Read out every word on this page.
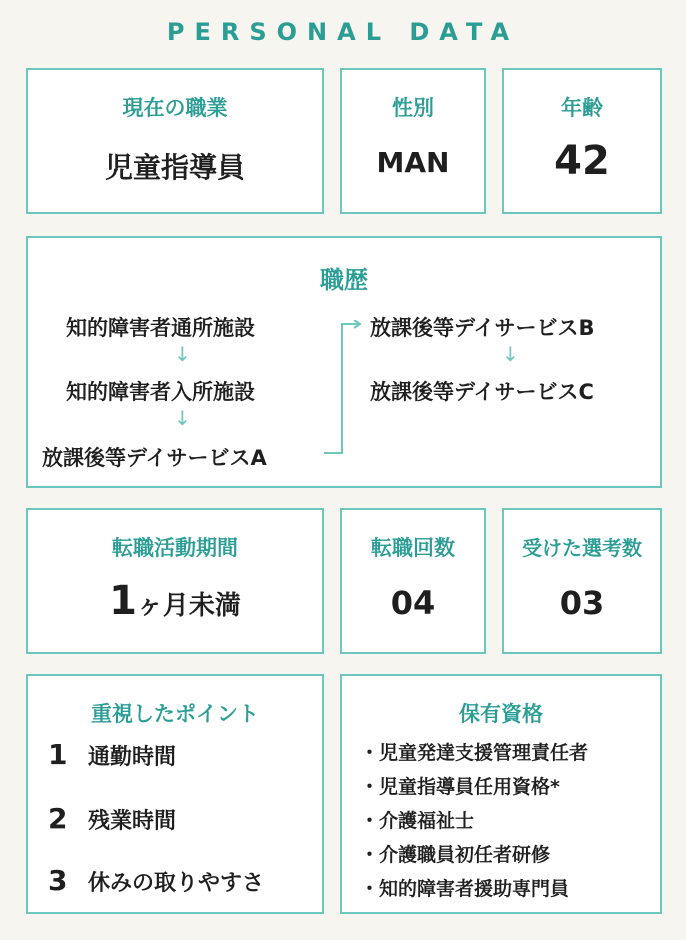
PERSONAL DATA
現在の職業
児童指導員
性別
MAN
年齢
42
職歴
知的障害者通所施設
↓
知的障害者入所施設
↓
放課後等デイサービスA
放課後等デイサービスB
↓
放課後等デイサービスC
転職活動期間
1ヶ月未満
転職回数
04
受けた選考数
03
重視したポイント
1 通勤時間
2 残業時間
3 休みの取りやすさ
保有資格
・児童発達支援管理責任者
・児童指導員任用資格*
・介護福祉士
・介護職員初任者研修
・知的障害者援助専門員
